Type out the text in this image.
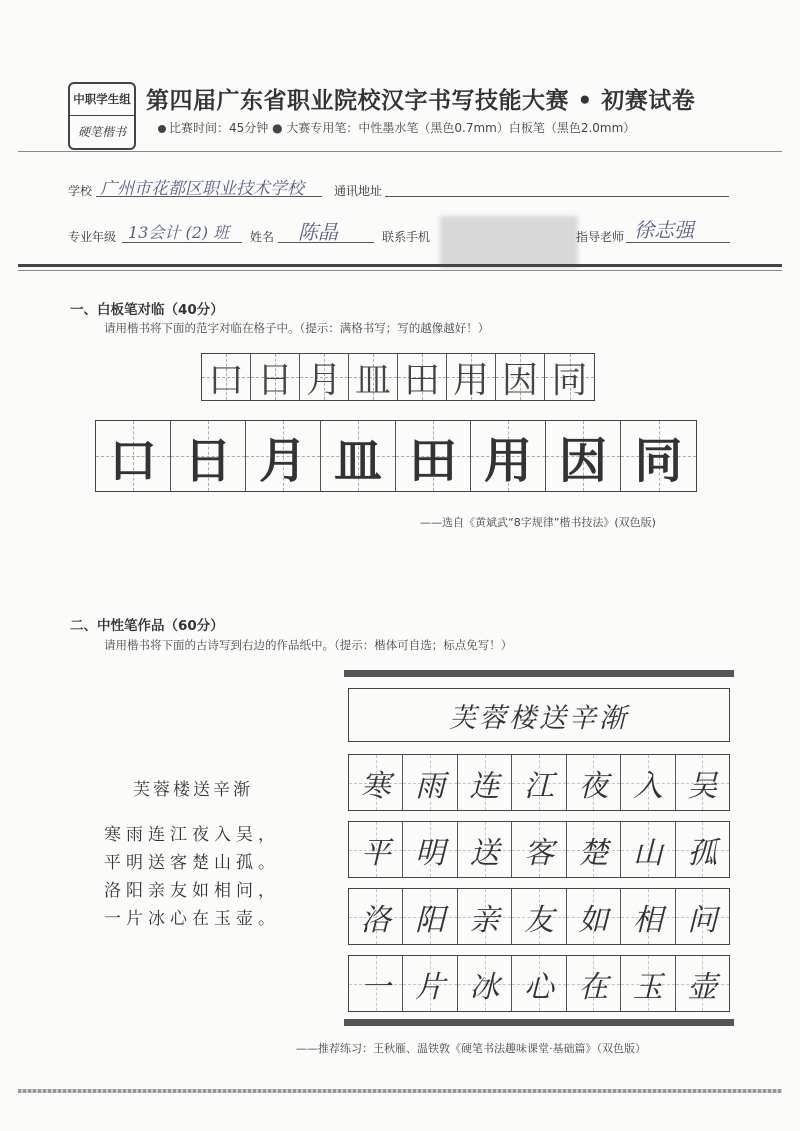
中职学生组
硬笔楷书
第四届广东省职业院校汉字书写技能大赛 • 初赛试卷
比赛时间：45分钟 ● 大赛专用笔：中性墨水笔（黑色0.7mm）白板笔（黑色2.0mm）
学校 广州市花都区职业技术学校	通讯地址
专业年级 13会计 (2) 班 姓名 陈晶	联系手机	指导老师 徐志强
一、白板笔对临（40分）
请用楷书将下面的范字对临在格子中。（提示：满格书写；写的越像越好！）
口 日 月 皿 田 用 因 同
口 日 月 皿 田 用 因 同
——选自《黄斌武“8字规律”楷书技法》(双色版)
二、中性笔作品（60分）
请用楷书将下面的古诗写到右边的作品纸中。（提示：楷体可自选；标点免写！）
芙蓉楼送辛渐
寒雨连江夜入吴，
平明送客楚山孤。
洛阳亲友如相问，
一片冰心在玉壶。
芙蓉楼送辛渐
寒 雨 连 江 夜 入 吴
平 明 送 客 楚 山 孤
洛 阳 亲 友 如 相 问
一 片 冰 心 在 玉 壶
——推荐练习：王秋雁、温铁敦《硬笔书法趣味课堂·基础篇》（双色版）
